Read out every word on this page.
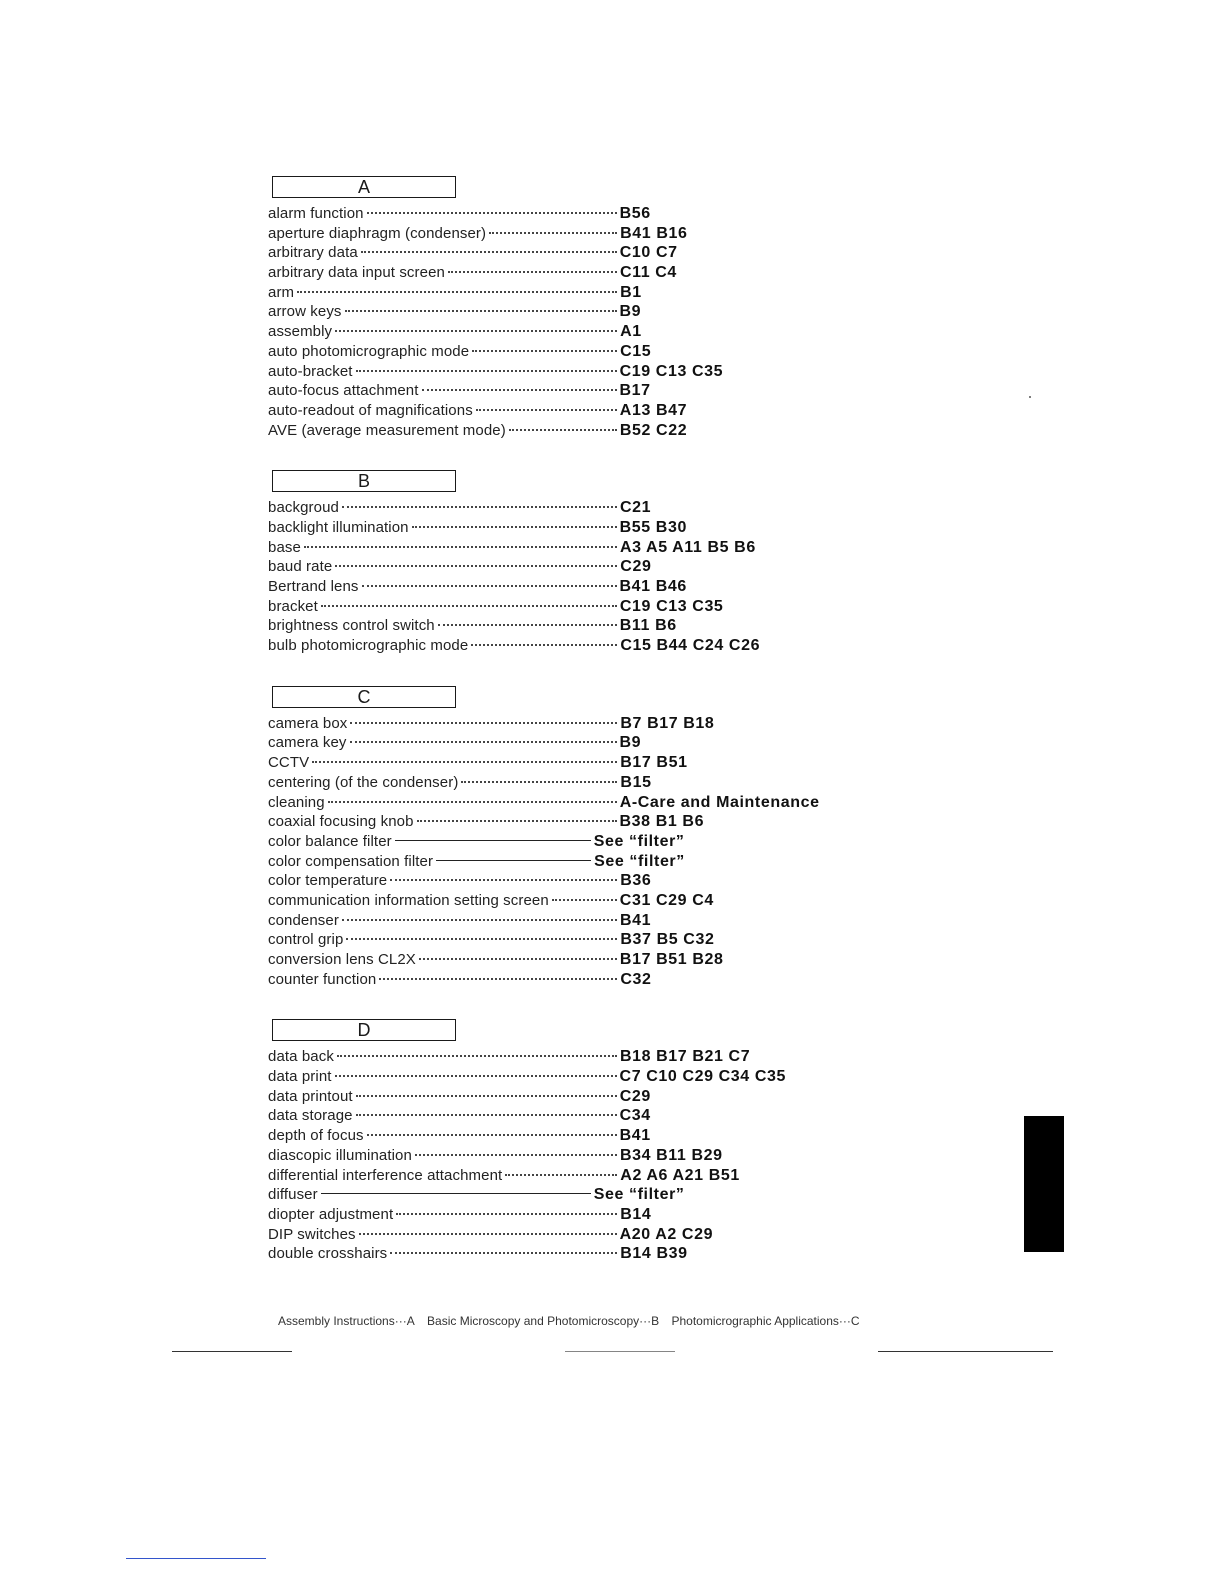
A
alarm function	B56
aperture diaphragm (condenser)	B41 B16
arbitrary data	C10 C7
arbitrary data input screen	C11 C4
arm	B1
arrow keys	B9
assembly	A1
auto photomicrographic mode	C15
auto-bracket	C19 C13 C35
auto-focus attachment	B17
auto-readout of magnifications	A13 B47
AVE (average measurement mode)	B52 C22
B
backgroud	C21
backlight illumination	B55 B30
base	A3 A5 A11 B5 B6
baud rate	C29
Bertrand lens	B41 B46
bracket	C19 C13 C35
brightness control switch	B11 B6
bulb photomicrographic mode	C15 B44 C24 C26
C
camera box	B7 B17 B18
camera key	B9
CCTV	B17 B51
centering (of the condenser)	B15
cleaning	A-Care and Maintenance
coaxial focusing knob	B38 B1 B6
color balance filter	See “filter”
color compensation filter	See “filter”
color temperature	B36
communication information setting screen	C31 C29 C4
condenser	B41
control grip	B37 B5 C32
conversion lens CL2X	B17 B51 B28
counter function	C32
D
data back	B18 B17 B21 C7
data print	C7 C10 C29 C34 C35
data printout	C29
data storage	C34
depth of focus	B41
diascopic illumination	B34 B11 B29
differential interference attachment	A2 A6 A21 B51
diffuser	See “filter”
diopter adjustment	B14
DIP switches	A20 A2 C29
double crosshairs	B14 B39
Assembly Instructions···A Basic Microscopy and Photomicroscopy···B Photomicrographic Applications···C
